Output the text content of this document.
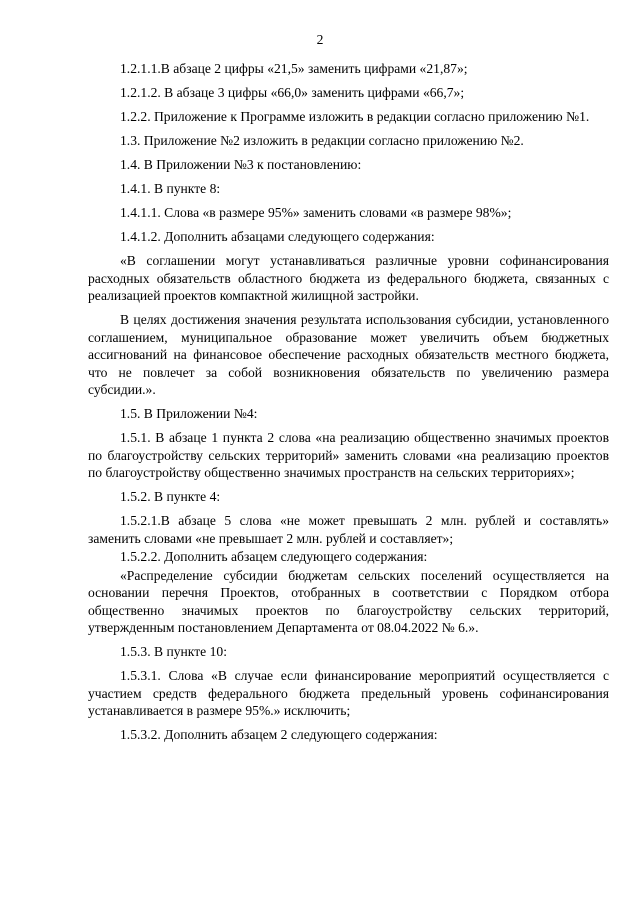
2

1.2.1.1.В абзаце 2 цифры «21,5» заменить цифрами «21,87»;

1.2.1.2. В абзаце 3 цифры «66,0» заменить цифрами «66,7»;

1.2.2. Приложение к Программе изложить в редакции согласно приложению №1.

1.3. Приложение №2 изложить в редакции согласно приложению №2.

1.4. В Приложении №3 к постановлению:

1.4.1. В пункте 8:

1.4.1.1. Слова «в размере 95%» заменить словами «в размере 98%»;

1.4.1.2. Дополнить абзацами следующего содержания:

«В соглашении могут устанавливаться различные уровни софинансирования расходных обязательств областного бюджета из федерального бюджета, связанных с реализацией проектов компактной жилищной застройки.

В целях достижения значения результата использования субсидии, установленного соглашением, муниципальное образование может увеличить объем бюджетных ассигнований на финансовое обеспечение расходных обязательств местного бюджета, что не повлечет за собой возникновения обязательств по увеличению размера субсидии.».

1.5. В Приложении №4:

1.5.1. В абзаце 1 пункта 2 слова «на реализацию общественно значимых проектов по благоустройству сельских территорий» заменить словами «на реализацию проектов по благоустройству общественно значимых пространств на сельских территориях»;

1.5.2. В пункте 4:

1.5.2.1.В абзаце 5 слова «не может превышать 2 млн. рублей и составлять» заменить словами «не превышает 2 млн. рублей и составляет»;

1.5.2.2. Дополнить абзацем следующего содержания:

«Распределение субсидии бюджетам сельских поселений осуществляется на основании перечня Проектов, отобранных в соответствии с Порядком отбора общественно значимых проектов по благоустройству сельских территорий, утвержденным постановлением Департамента от 08.04.2022 № 6.».

1.5.3. В пункте 10:

1.5.3.1. Слова «В случае если финансирование мероприятий осуществляется с участием средств федерального бюджета предельный уровень софинансирования устанавливается в размере 95%.» исключить;

1.5.3.2. Дополнить абзацем 2 следующего содержания:
